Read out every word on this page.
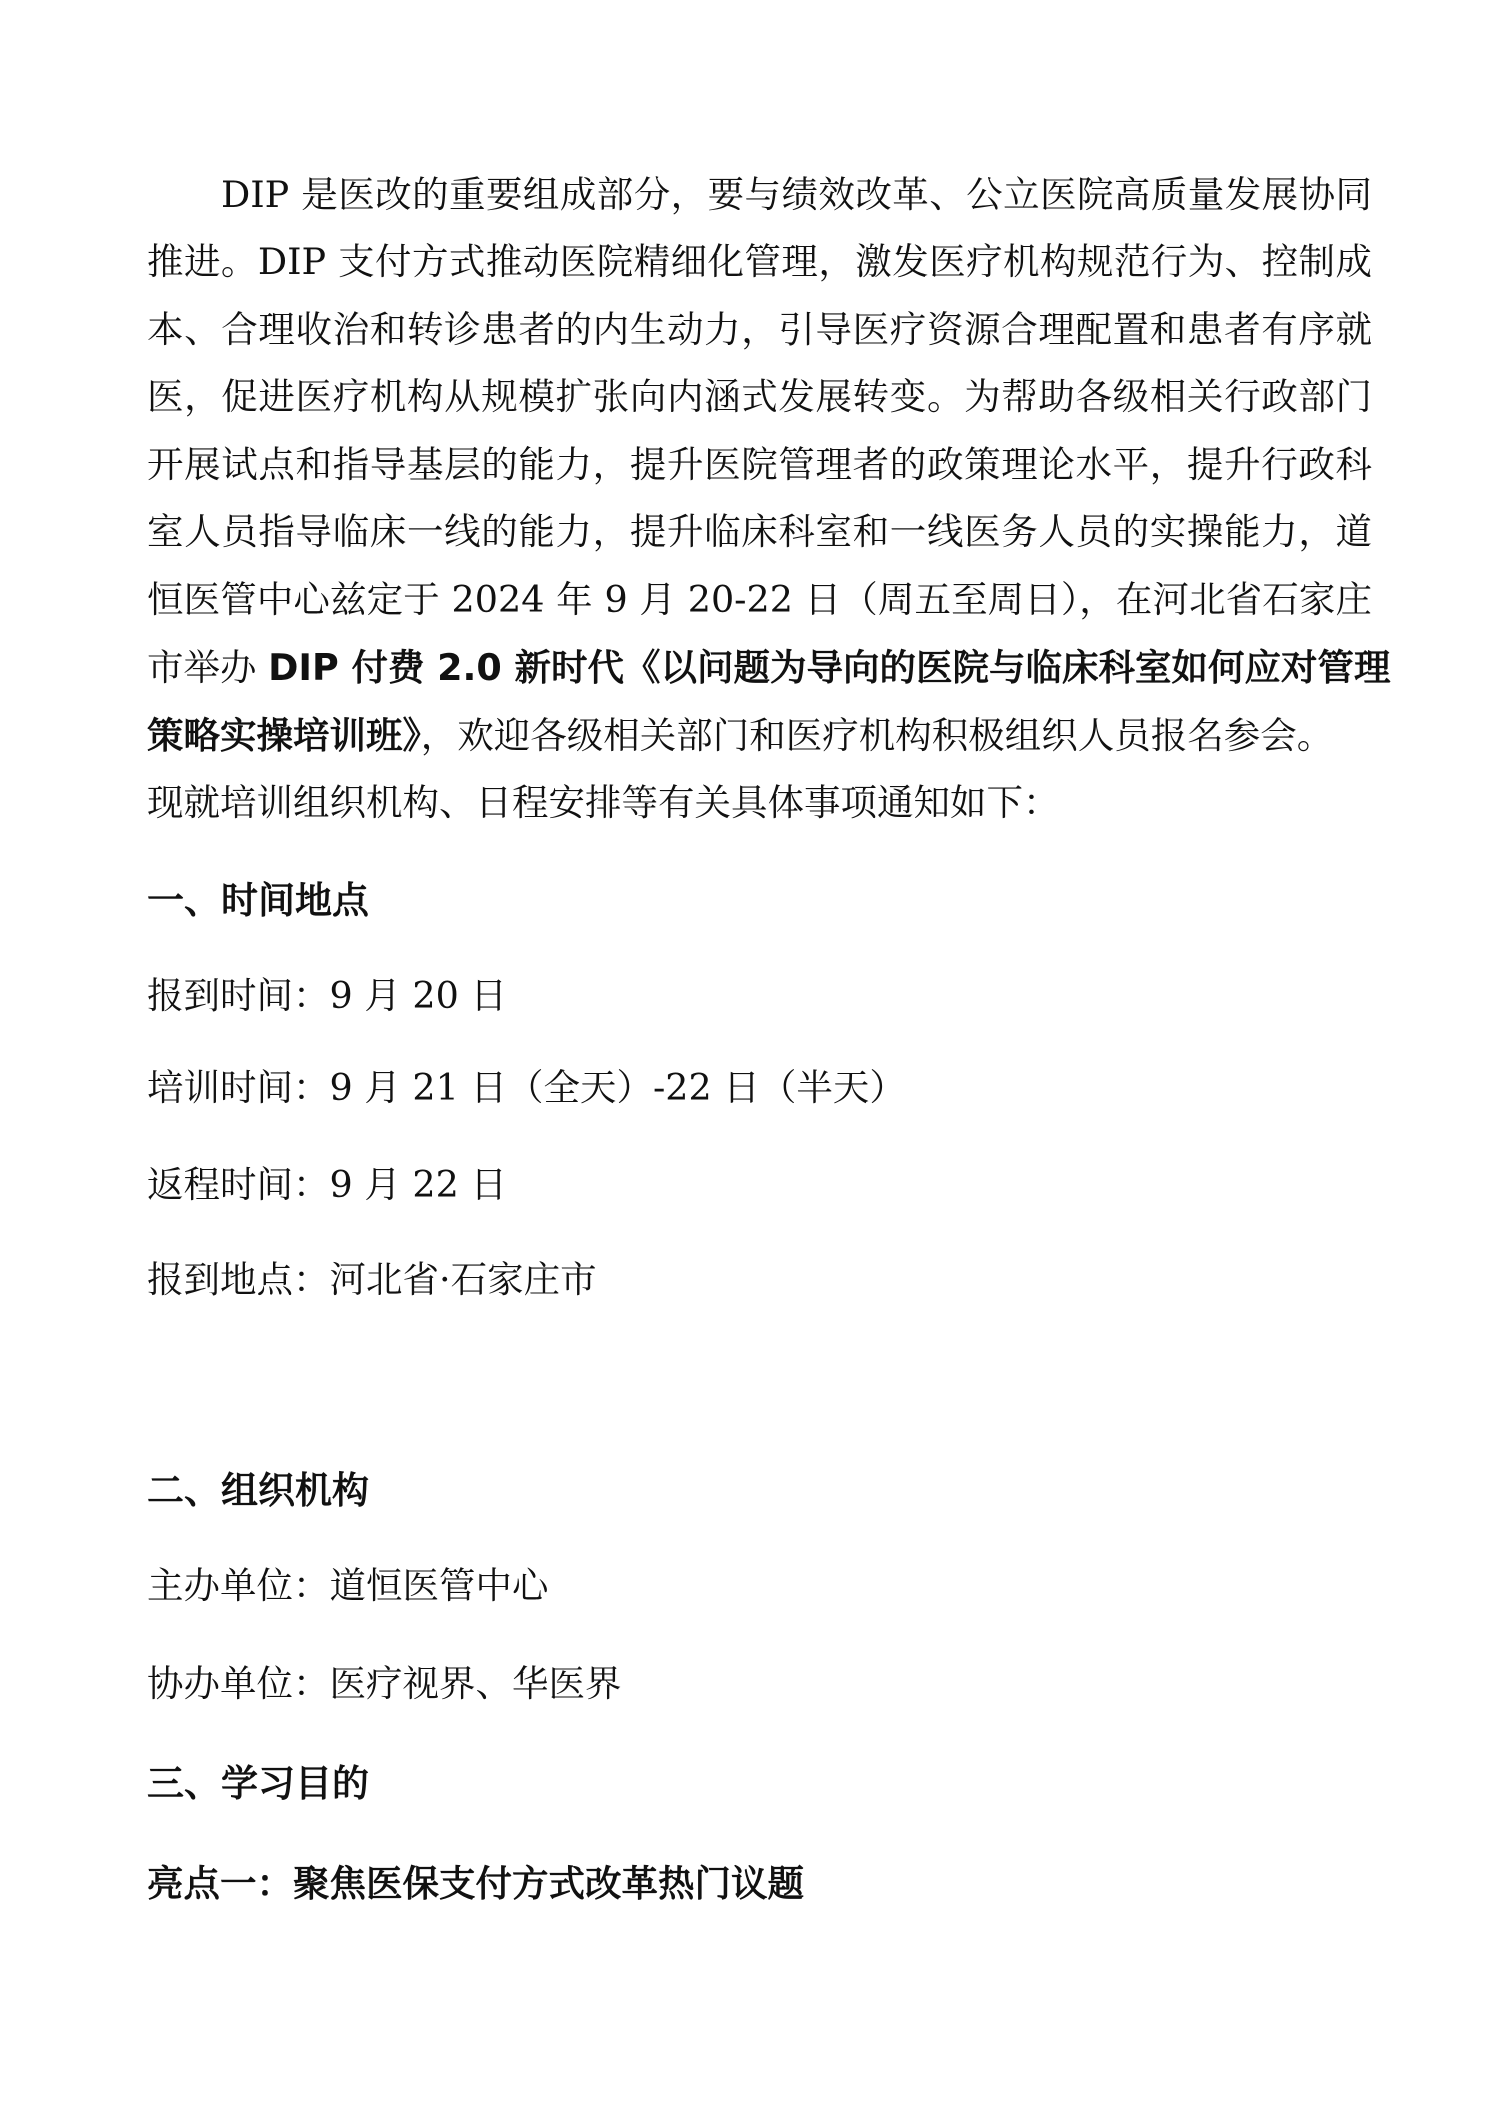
DIP 是医改的重要组成部分，要与绩效改革、公立医院高质量发展协同
推进。DIP 支付方式推动医院精细化管理，激发医疗机构规范行为、控制成
本、合理收治和转诊患者的内生动力，引导医疗资源合理配置和患者有序就
医，促进医疗机构从规模扩张向内涵式发展转变。为帮助各级相关行政部门
开展试点和指导基层的能力，提升医院管理者的政策理论水平，提升行政科
室人员指导临床一线的能力，提升临床科室和一线医务人员的实操能力，道
恒医管中心兹定于 2024 年 9 月 20-22 日（周五至周日），在河北省石家庄
市举办 DIP 付费 2.0 新时代《以问题为导向的医院与临床科室如何应对管理
策略实操培训班》，欢迎各级相关部门和医疗机构积极组织人员报名参会。
现就培训组织机构、日程安排等有关具体事项通知如下：
一、时间地点
报到时间：9 月 20 日
培训时间：9 月 21 日（全天）-22 日（半天）
返程时间：9 月 22 日
报到地点：河北省·石家庄市
二、组织机构
主办单位：道恒医管中心
协办单位：医疗视界、华医界
三、学习目的
亮点一：聚焦医保支付方式改革热门议题
